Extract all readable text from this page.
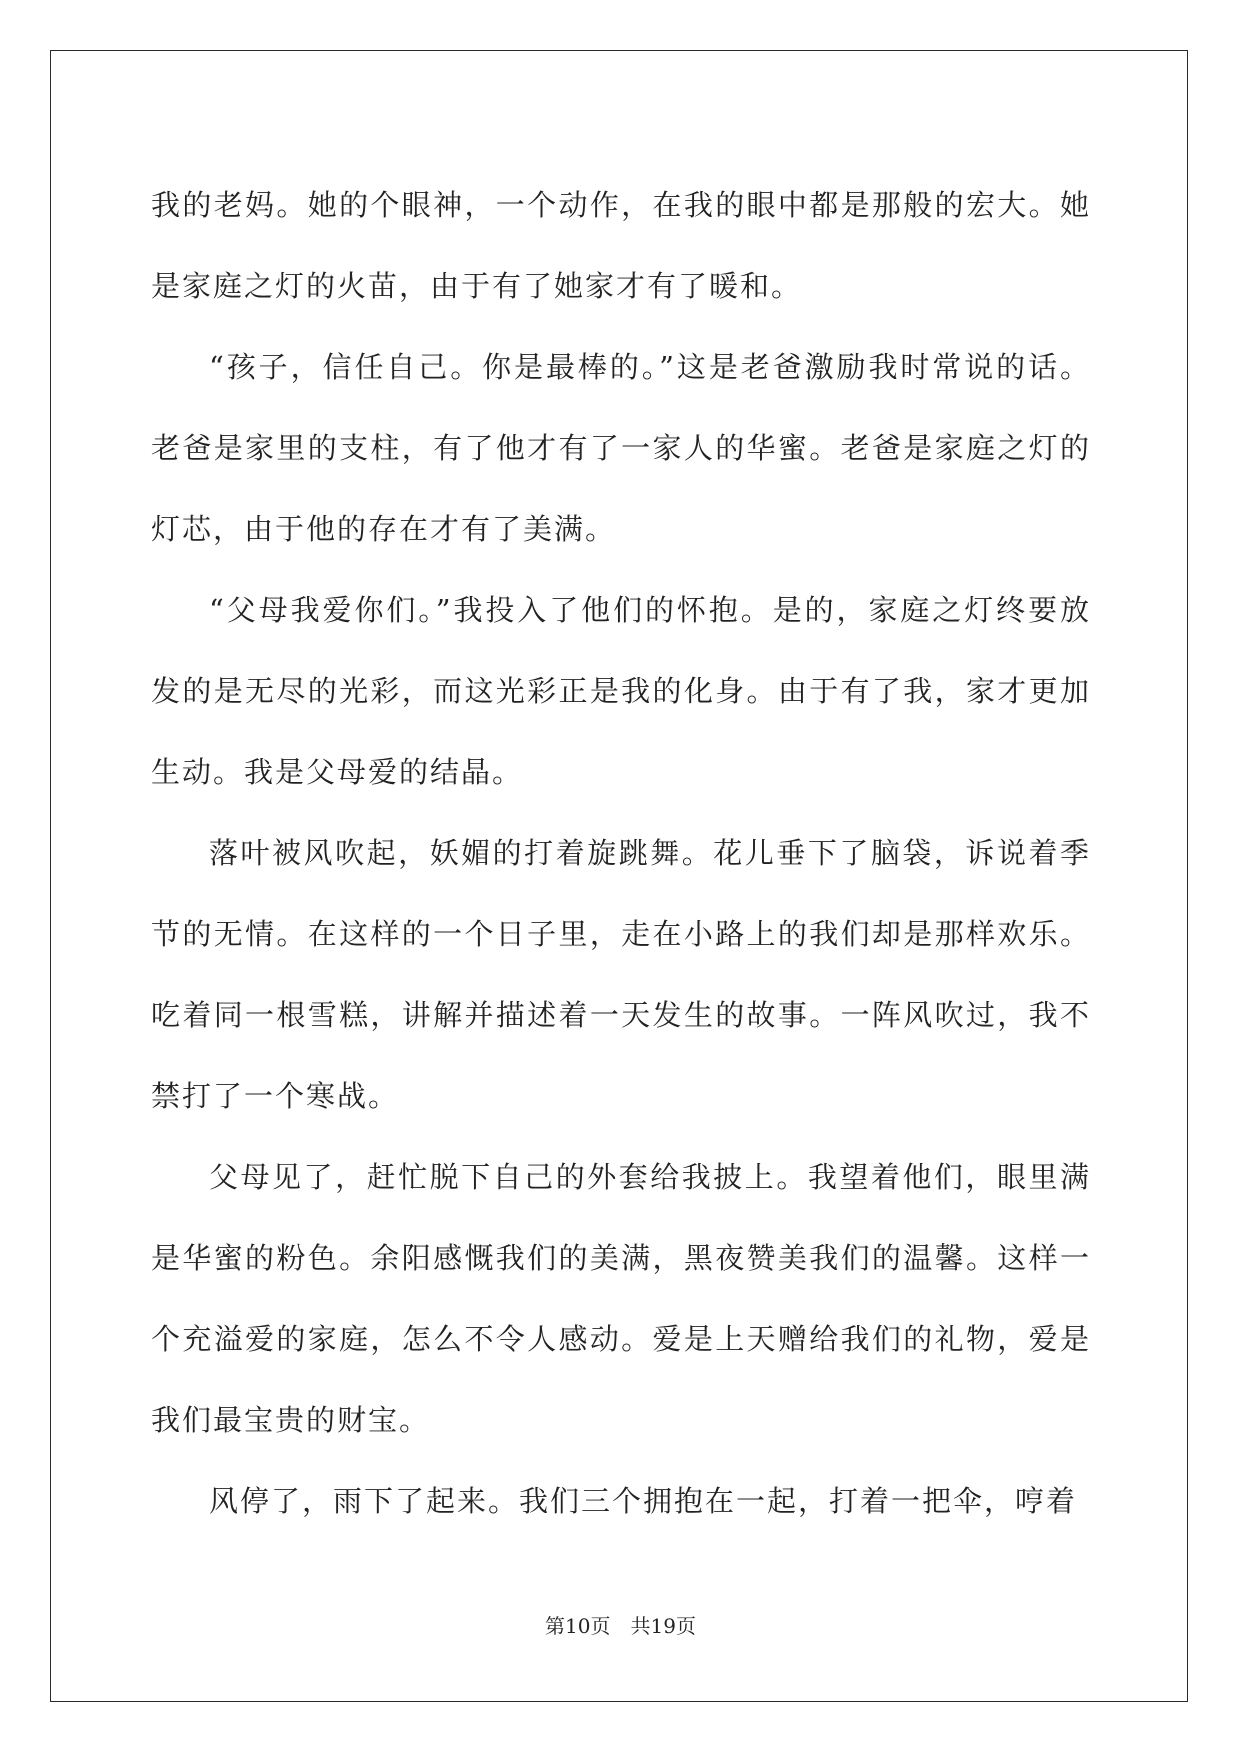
我的老妈。她的个眼神，一个动作，在我的眼中都是那般的宏大。她是家庭之灯的火苗，由于有了她家才有了暖和。

“孩子，信任自己。你是最棒的。”这是老爸激励我时常说的话。老爸是家里的支柱，有了他才有了一家人的华蜜。老爸是家庭之灯的灯芯，由于他的存在才有了美满。

“父母我爱你们。”我投入了他们的怀抱。是的，家庭之灯终要放发的是无尽的光彩，而这光彩正是我的化身。由于有了我，家才更加生动。我是父母爱的结晶。

落叶被风吹起，妖媚的打着旋跳舞。花儿垂下了脑袋，诉说着季节的无情。在这样的一个日子里，走在小路上的我们却是那样欢乐。吃着同一根雪糕，讲解并描述着一天发生的故事。一阵风吹过，我不禁打了一个寒战。

父母见了，赶忙脱下自己的外套给我披上。我望着他们，眼里满是华蜜的粉色。余阳感慨我们的美满，黑夜赞美我们的温馨。这样一个充溢爱的家庭，怎么不令人感动。爱是上天赠给我们的礼物，爱是我们最宝贵的财宝。

风停了，雨下了起来。我们三个拥抱在一起，打着一把伞，哼着

第10页 共19页
